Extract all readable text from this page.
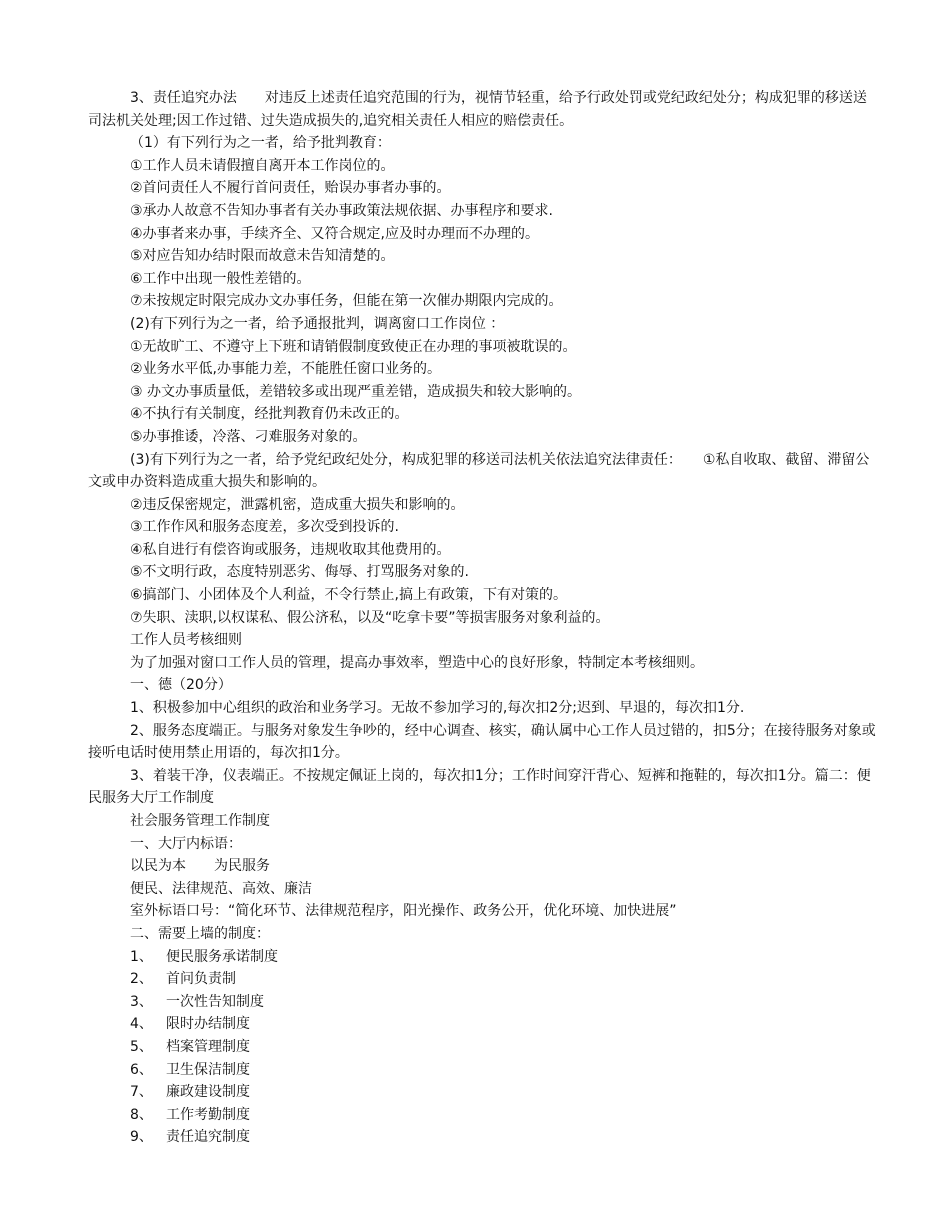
3、责任追究办法　　对违反上述责任追究范围的行为，视情节轻重，给予行政处罚或党纪政纪处分；构成犯罪的移送送司法机关处理;因工作过错、过失造成损失的,追究相关责任人相应的赔偿责任。

（1）有下列行为之一者，给予批判教育：

①工作人员未请假擅自离开本工作岗位的。

②首问责任人不履行首问责任，贻误办事者办事的。

③承办人故意不告知办事者有关办事政策法规依据、办事程序和要求.

④办事者来办事，手续齐全、又符合规定,应及时办理而不办理的。

⑤对应告知办结时限而故意未告知清楚的。

⑥工作中出现一般性差错的。

⑦未按规定时限完成办文办事任务，但能在第一次催办期限内完成的。

(2)有下列行为之一者，给予通报批判，调离窗口工作岗位 ：

①无故旷工、不遵守上下班和请销假制度致使正在办理的事项被耽误的。

②业务水平低,办事能力差，不能胜任窗口业务的。

③ 办文办事质量低，差错较多或出现严重差错，造成损失和较大影响的。

④不执行有关制度，经批判教育仍未改正的。

⑤办事推诿，冷落、刁难服务对象的。

(3)有下列行为之一者，给予党纪政纪处分，构成犯罪的移送司法机关依法追究法律责任：　　①私自收取、截留、滞留公文或申办资料造成重大损失和影响的。

②违反保密规定，泄露机密，造成重大损失和影响的。

③工作作风和服务态度差，多次受到投诉的.

④私自进行有偿咨询或服务，违规收取其他费用的。

⑤不文明行政，态度特别恶劣、侮辱、打骂服务对象的.

⑥搞部门、小团体及个人利益，不令行禁止,搞上有政策，下有对策的。

⑦失职、渎职,以权谋私、假公济私，以及“吃拿卡要”等损害服务对象利益的。

工作人员考核细则

为了加强对窗口工作人员的管理，提高办事效率，塑造中心的良好形象，特制定本考核细则。

一、德（20分）

1、积极参加中心组织的政治和业务学习。无故不参加学习的,每次扣2分;迟到、早退的，每次扣1分.

2、服务态度端正。与服务对象发生争吵的，经中心调查、核实，确认属中心工作人员过错的，扣5分；在接待服务对象或接听电话时使用禁止用语的，每次扣1分。

3、着装干净，仪表端正。不按规定佩证上岗的，每次扣1分；工作时间穿汗背心、短裤和拖鞋的，每次扣1分。篇二：便民服务大厅工作制度

社会服务管理工作制度

一、大厅内标语：

以民为本　　为民服务

便民、法律规范、高效、廉洁

室外标语口号：“简化环节、法律规范程序，阳光操作、政务公开，优化环境、加快进展”

二、需要上墙的制度：

1、 便民服务承诺制度

2、 首问负责制

3、 一次性告知制度

4、 限时办结制度

5、 档案管理制度

6、 卫生保洁制度

7、 廉政建设制度

8、 工作考勤制度

9、 责任追究制度
